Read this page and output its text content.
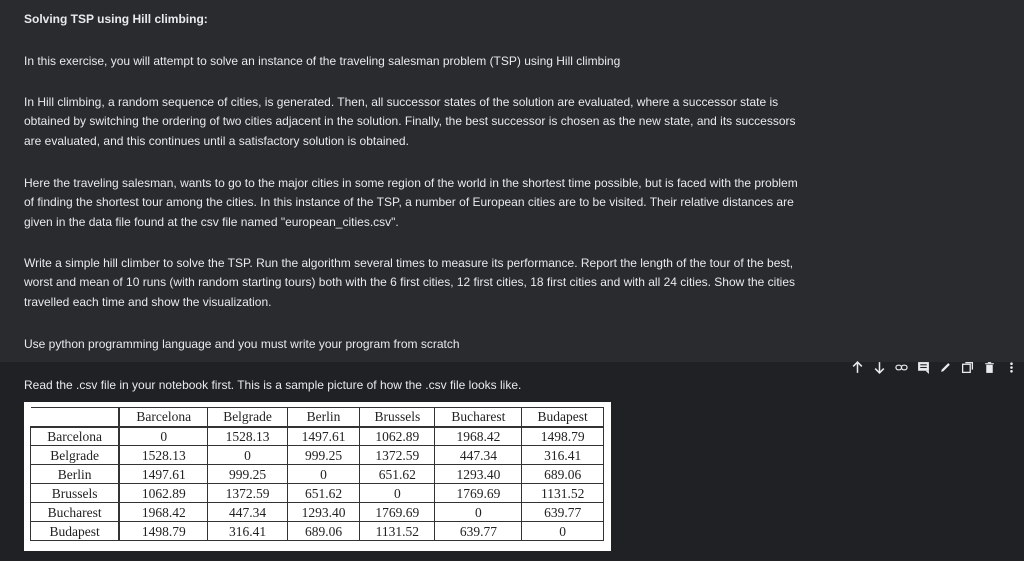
Solving TSP using Hill climbing:
In this exercise, you will attempt to solve an instance of the traveling salesman problem (TSP) using Hill climbing
In Hill climbing, a random sequence of cities, is generated. Then, all successor states of the solution are evaluated, where a successor state is obtained by switching the ordering of two cities adjacent in the solution. Finally, the best successor is chosen as the new state, and its successors are evaluated, and this continues until a satisfactory solution is obtained.
Here the traveling salesman, wants to go to the major cities in some region of the world in the shortest time possible, but is faced with the problem of finding the shortest tour among the cities. In this instance of the TSP, a number of European cities are to be visited. Their relative distances are given in the data file found at the csv file named "european_cities.csv".
Write a simple hill climber to solve the TSP. Run the algorithm several times to measure its performance. Report the length of the tour of the best, worst and mean of 10 runs (with random starting tours) both with the 6 first cities, 12 first cities, 18 first cities and with all 24 cities. Show the cities travelled each time and show the visualization.
Use python programming language and you must write your program from scratch
Read the .csv file in your notebook first. This is a sample picture of how the .csv file looks like.
	Barcelona	Belgrade	Berlin	Brussels	Bucharest	Budapest
Barcelona	0	1528.13	1497.61	1062.89	1968.42	1498.79
Belgrade	1528.13	0	999.25	1372.59	447.34	316.41
Berlin	1497.61	999.25	0	651.62	1293.40	689.06
Brussels	1062.89	1372.59	651.62	0	1769.69	1131.52
Bucharest	1968.42	447.34	1293.40	1769.69	0	639.77
Budapest	1498.79	316.41	689.06	1131.52	639.77	0
